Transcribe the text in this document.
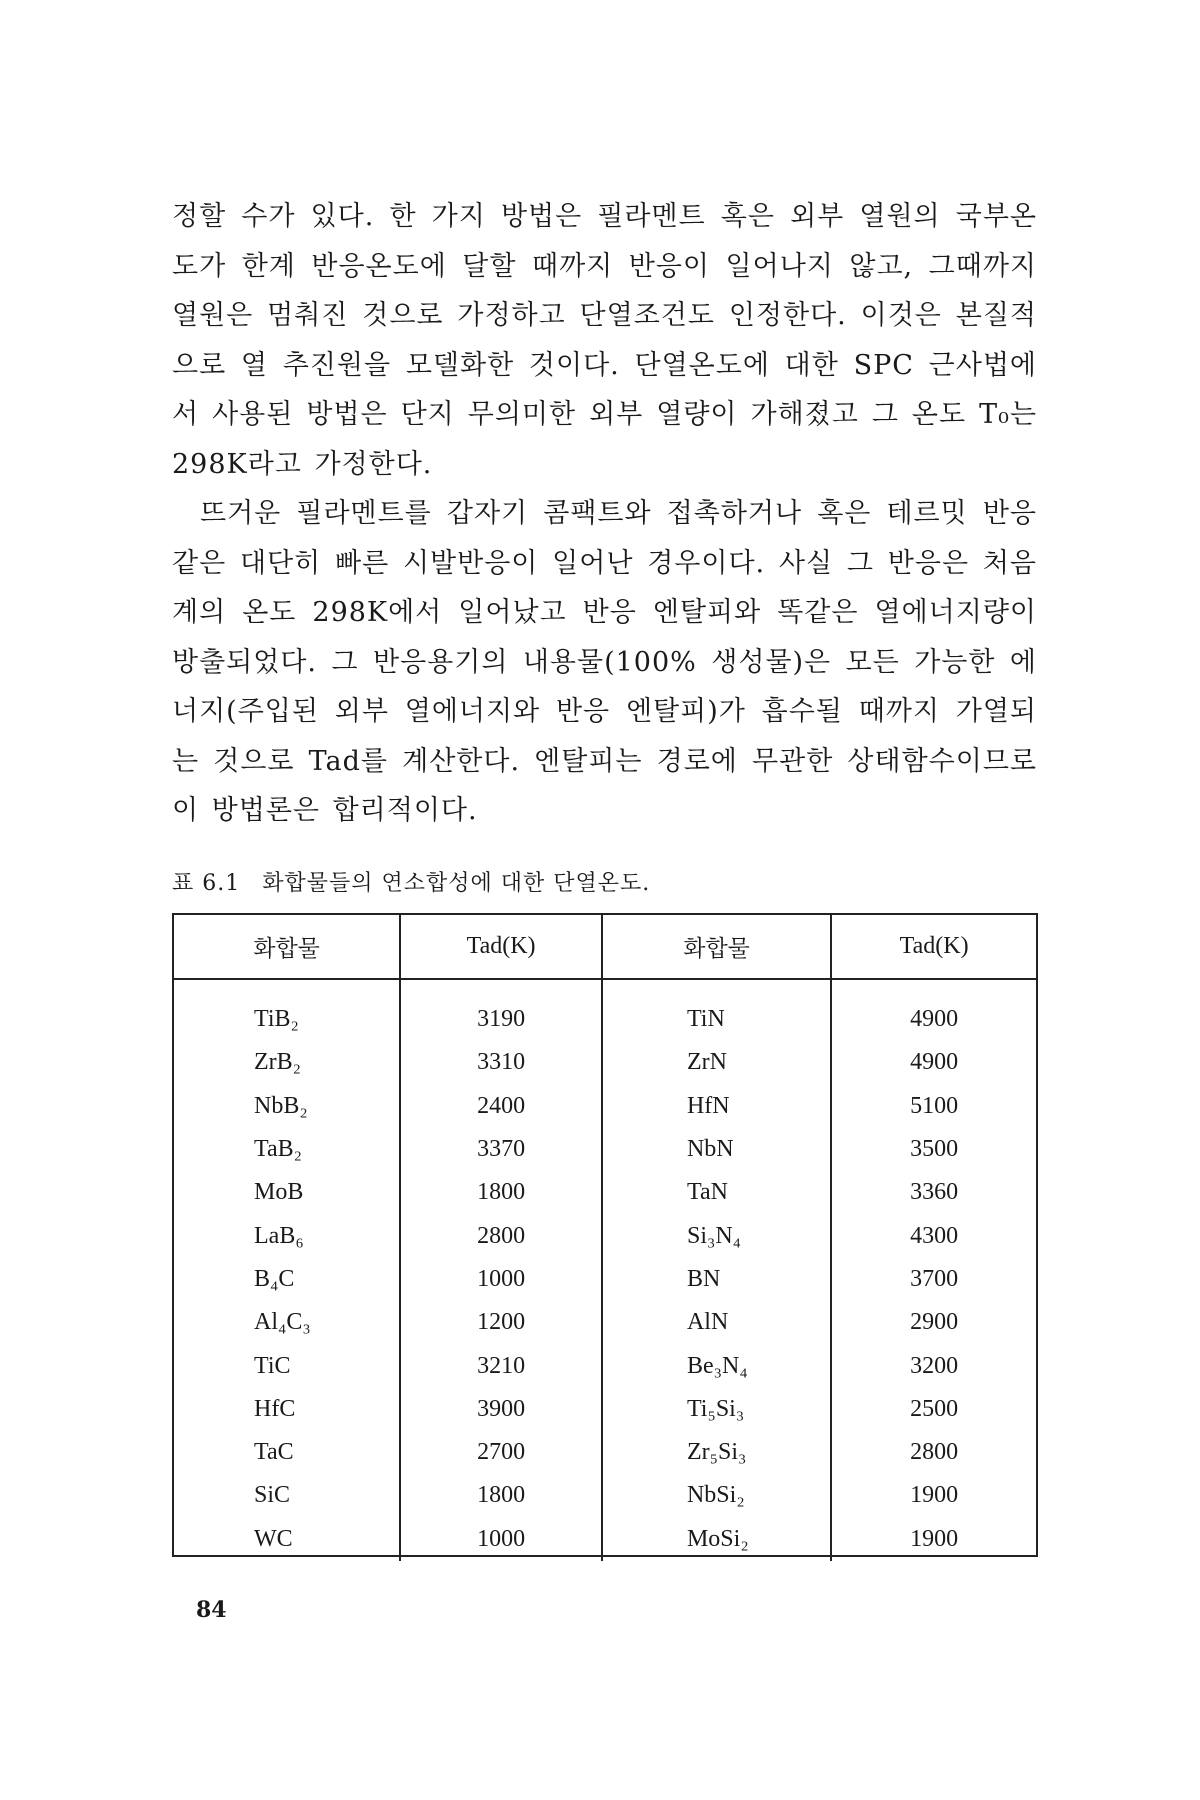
정할 수가 있다. 한 가지 방법은 필라멘트 혹은 외부 열원의 국부온도가 한계 반응온도에 달할 때까지 반응이 일어나지 않고, 그때까지 열원은 멈춰진 것으로 가정하고 단열조건도 인정한다. 이것은 본질적으로 열 추진원을 모델화한 것이다. 단열온도에 대한 SPC 근사법에서 사용된 방법은 단지 무의미한 외부 열량이 가해졌고 그 온도 T₀는 298K라고 가정한다.

뜨거운 필라멘트를 갑자기 콤팩트와 접촉하거나 혹은 테르밋 반응같은 대단히 빠른 시발반응이 일어난 경우이다. 사실 그 반응은 처음계의 온도 298K에서 일어났고 반응 엔탈피와 똑같은 열에너지량이 방출되었다. 그 반응용기의 내용물(100% 생성물)은 모든 가능한 에너지(주입된 외부 열에너지와 반응 엔탈피)가 흡수될 때까지 가열되는 것으로 Tad를 계산한다. 엔탈피는 경로에 무관한 상태함수이므로 이 방법론은 합리적이다.

표 6.1 화합물들의 연소합성에 대한 단열온도.
화합물	Tad(K)	화합물	Tad(K)
TiB₂	3190	TiN	4900
ZrB₂	3310	ZrN	4900
NbB₂	2400	HfN	5100
TaB₂	3370	NbN	3500
MoB	1800	TaN	3360
LaB₆	2800	Si₃N₄	4300
B₄C	1000	BN	3700
Al₄C₃	1200	AlN	2900
TiC	3210	Be₃N₄	3200
HfC	3900	Ti₅Si₃	2500
TaC	2700	Zr₅Si₃	2800
SiC	1800	NbSi₂	1900
WC	1000	MoSi₂	1900
84
